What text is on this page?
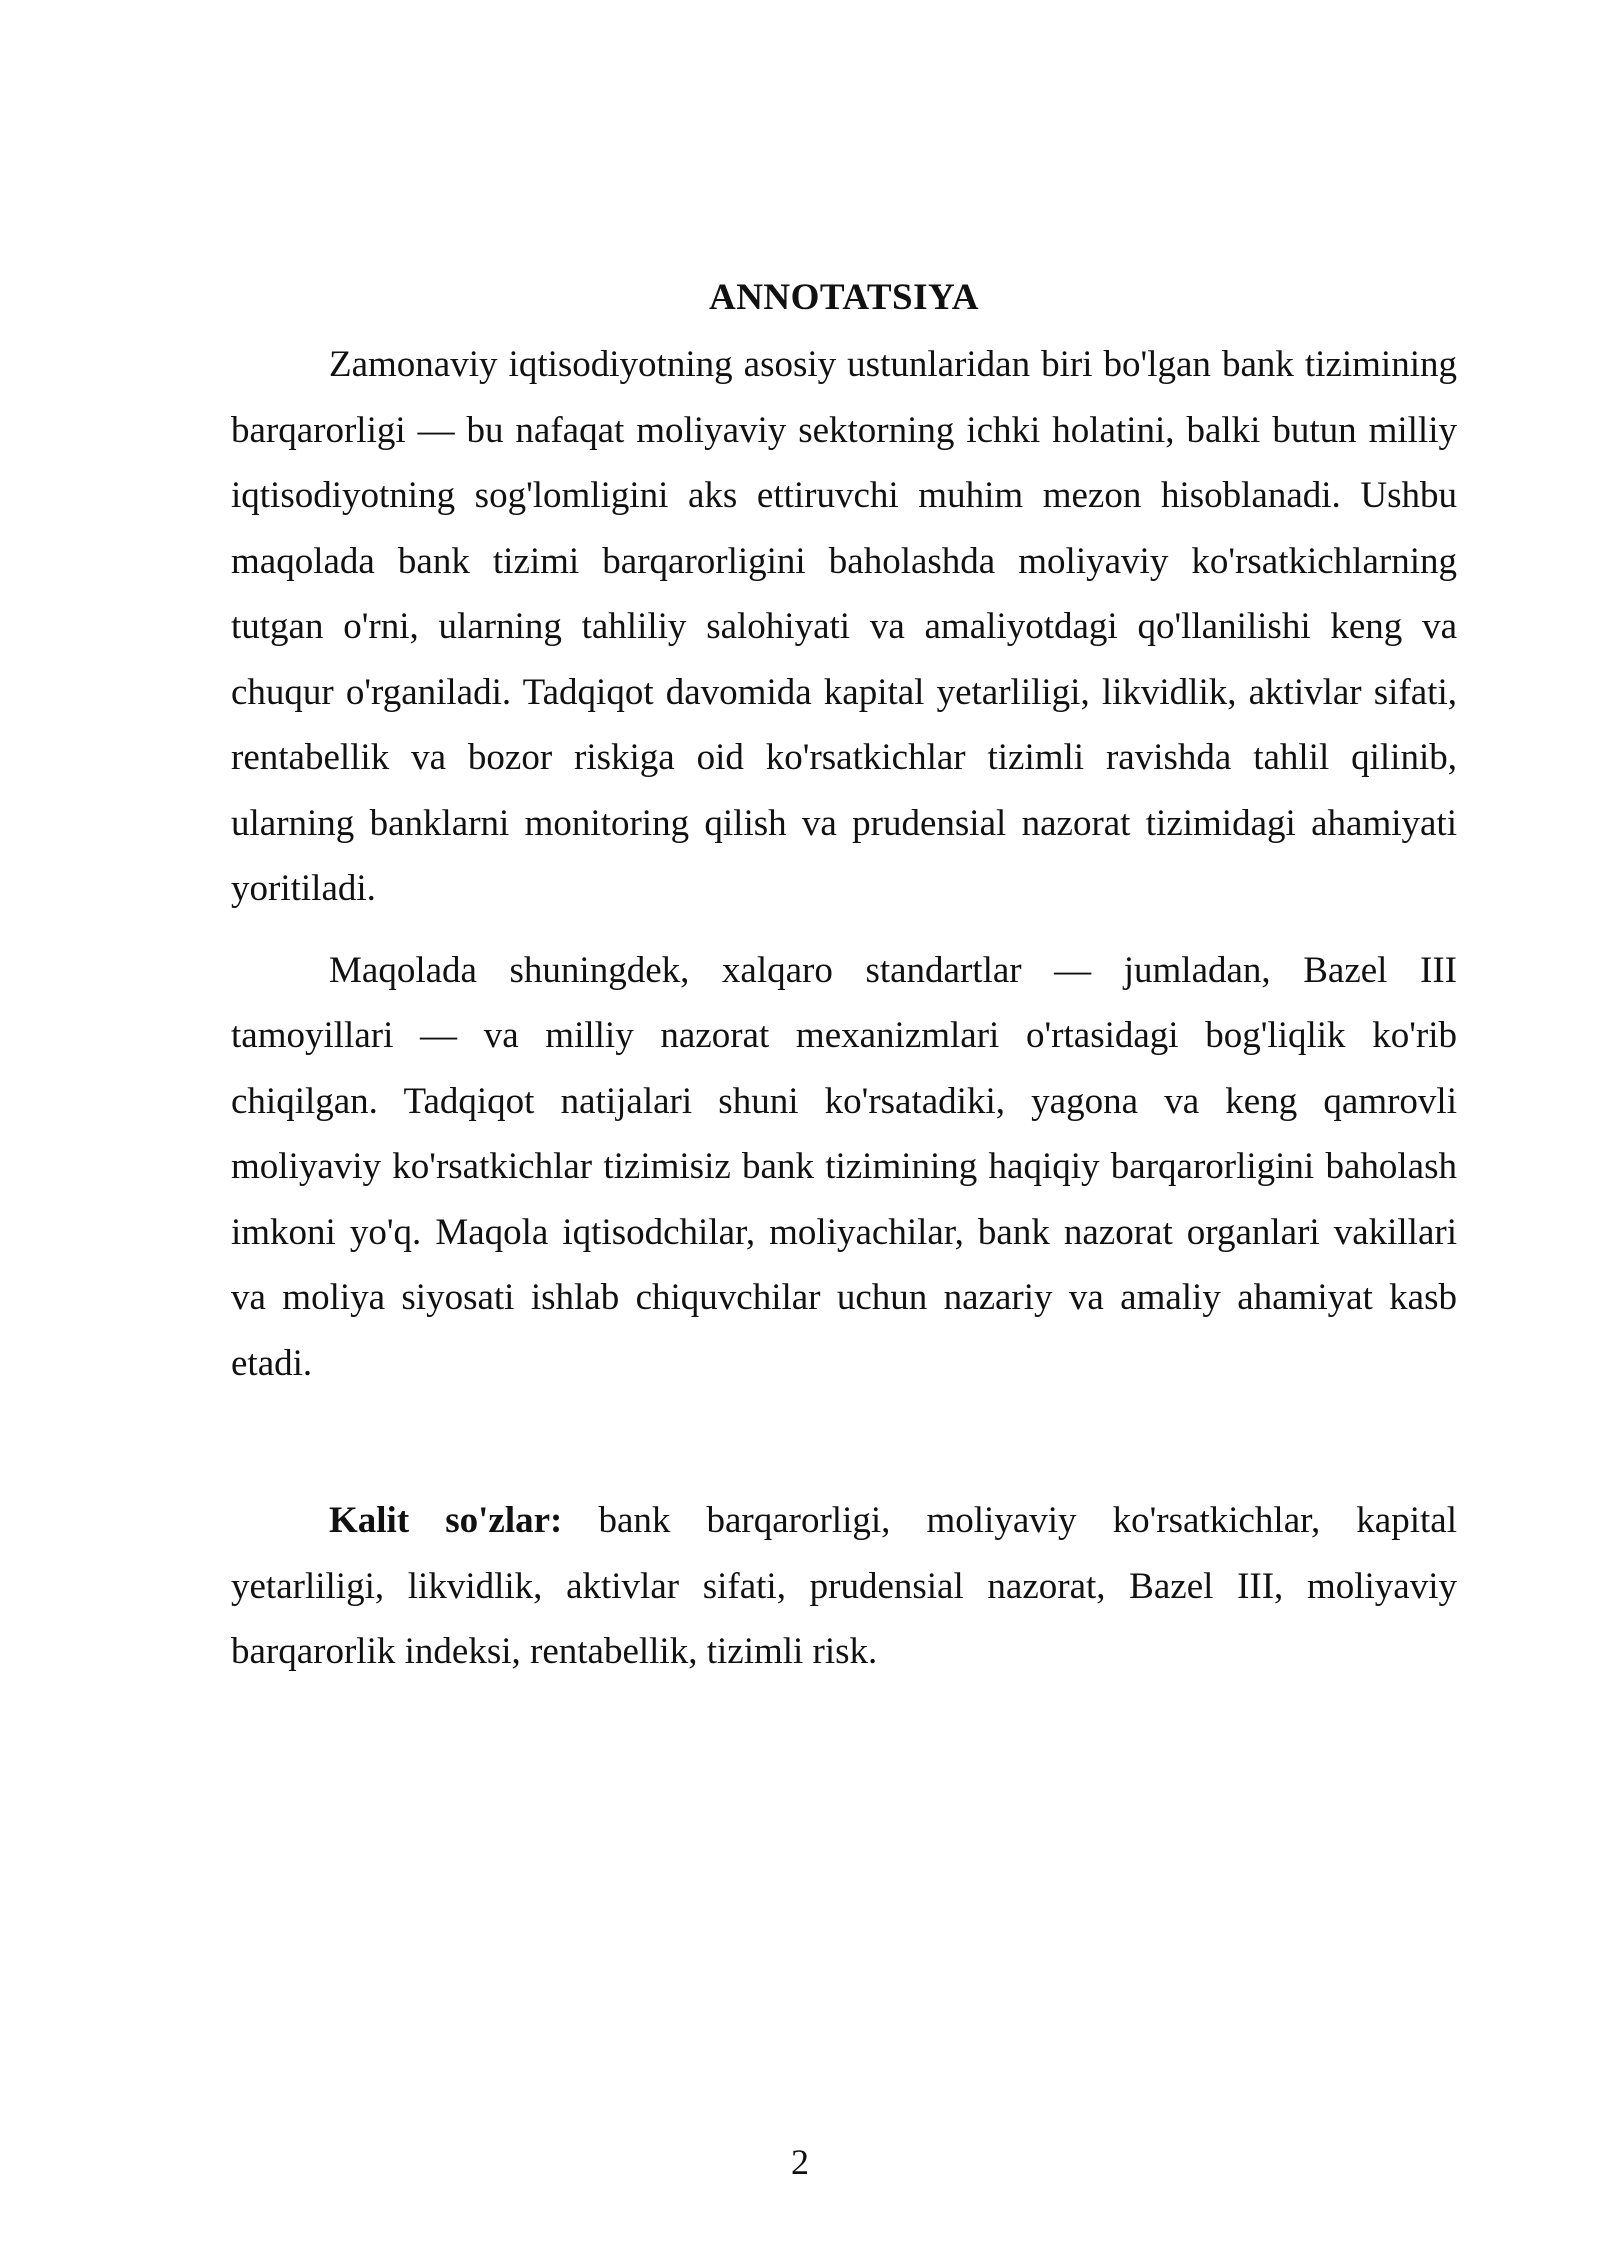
ANNOTATSIYA

Zamonaviy iqtisodiyotning asosiy ustunlaridan biri bo'lgan bank tizimining barqarorligi — bu nafaqat moliyaviy sektorning ichki holatini, balki butun milliy iqtisodiyotning sog'lomligini aks ettiruvchi muhim mezon hisoblanadi. Ushbu maqolada bank tizimi barqarorligini baholashda moliyaviy ko'rsatkichlarning tutgan o'rni, ularning tahliliy salohiyati va amaliyotdagi qo'llanilishi keng va chuqur o'rganiladi. Tadqiqot davomida kapital yetarliligi, likvidlik, aktivlar sifati, rentabellik va bozor riskiga oid ko'rsatkichlar tizimli ravishda tahlil qilinib, ularning banklarni monitoring qilish va prudensial nazorat tizimidagi ahamiyati yoritiladi.

Maqolada shuningdek, xalqaro standartlar — jumladan, Bazel III tamoyillari — va milliy nazorat mexanizmlari o'rtasidagi bog'liqlik ko'rib chiqilgan. Tadqiqot natijalari shuni ko'rsatadiki, yagona va keng qamrovli moliyaviy ko'rsatkichlar tizimisiz bank tizimining haqiqiy barqarorligini baholash imkoni yo'q. Maqola iqtisodchilar, moliyachilar, bank nazorat organlari vakillari va moliya siyosati ishlab chiquvchilar uchun nazariy va amaliy ahamiyat kasb etadi.

Kalit so'zlar: bank barqarorligi, moliyaviy ko'rsatkichlar, kapital yetarliligi, likvidlik, aktivlar sifati, prudensial nazorat, Bazel III, moliyaviy barqarorlik indeksi, rentabellik, tizimli risk.

2
